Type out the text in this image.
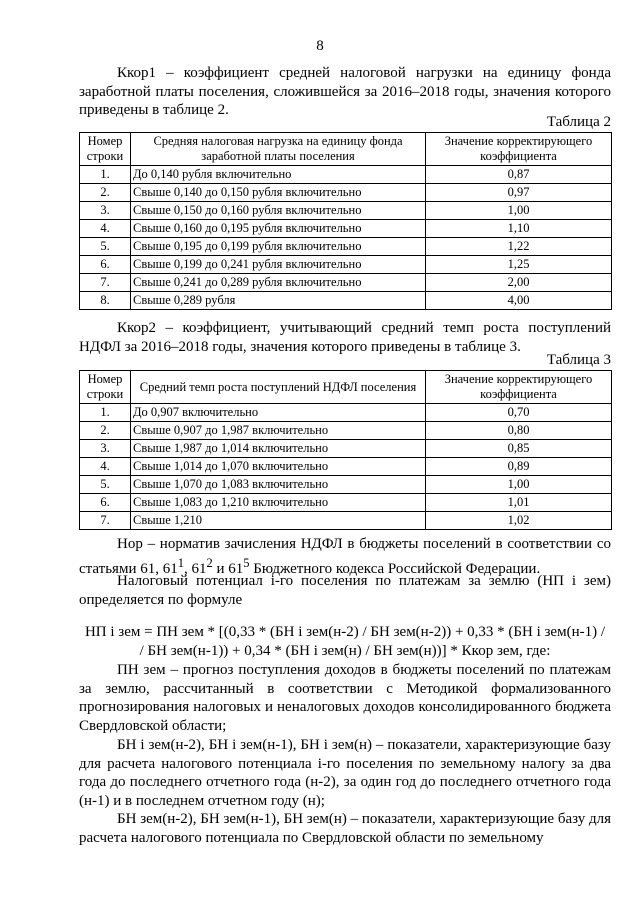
8

Ккор1 – коэффициент средней налоговой нагрузки на единицу фонда заработной платы поселения, сложившейся за 2016–2018 годы, значения которого приведены в таблице 2.

Таблица 2
Номер строки	Средняя налоговая нагрузка на единицу фонда заработной платы поселения	Значение корректирующего коэффициента
1.	До 0,140 рубля включительно	0,87
2.	Свыше 0,140 до 0,150 рубля включительно	0,97
3.	Свыше 0,150 до 0,160 рубля включительно	1,00
4.	Свыше 0,160 до 0,195 рубля включительно	1,10
5.	Свыше 0,195 до 0,199 рубля включительно	1,22
6.	Свыше 0,199 до 0,241 рубля включительно	1,25
7.	Свыше 0,241 до 0,289 рубля включительно	2,00
8.	Свыше 0,289 рубля	4,00

Ккор2 – коэффициент, учитывающий средний темп роста поступлений НДФЛ за 2016–2018 годы, значения которого приведены в таблице 3.

Таблица 3
Номер строки	Средний темп роста поступлений НДФЛ поселения	Значение корректирующего коэффициента
1.	До 0,907 включительно	0,70
2.	Свыше 0,907 до 1,987 включительно	0,80
3.	Свыше 1,987 до 1,014 включительно	0,85
4.	Свыше 1,014 до 1,070 включительно	0,89
5.	Свыше 1,070 до 1,083 включительно	1,00
6.	Свыше 1,083 до 1,210 включительно	1,01
7.	Свыше 1,210	1,02

Нор – норматив зачисления НДФЛ в бюджеты поселений в соответствии со статьями 61, $61^1$, $61^2$ и $61^5$ Бюджетного кодекса Российской Федерации.

Налоговый потенциал i-го поселения по платежам за землю (НП i зем) определяется по формуле

НП i зем = ПН зем * [(0,33 * (БН i зем(н-2) / БН зем(н-2)) + 0,33 * (БН i зем(н-1) /
/ БН зем(н-1)) + 0,34 * (БН i зем(н) / БН зем(н))] * Ккор зем, где:

ПН зем – прогноз поступления доходов в бюджеты поселений по платежам за землю, рассчитанный в соответствии с Методикой формализованного прогнозирования налоговых и неналоговых доходов консолидированного бюджета Свердловской области;

БН i зем(н-2), БН i зем(н-1), БН i зем(н) – показатели, характеризующие базу для расчета налогового потенциала i-го поселения по земельному налогу за два года до последнего отчетного года (н-2), за один год до последнего отчетного года (н-1) и в последнем отчетном году (н);

БН зем(н-2), БН зем(н-1), БН зем(н) – показатели, характеризующие базу для расчета налогового потенциала по Свердловской области по земельному
